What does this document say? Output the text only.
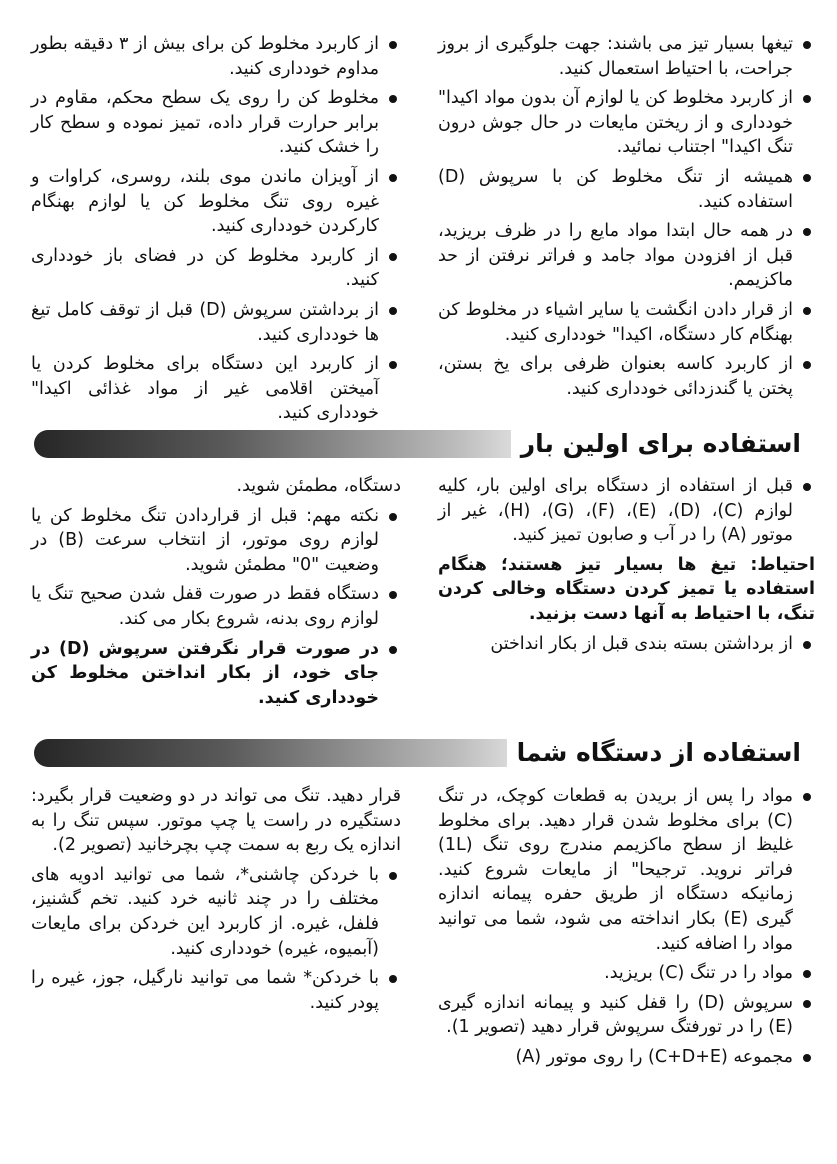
تیغها بسیار تیز می باشند: جهت جلوگیری از بروز جراحت، با احتیاط استعمال کنید.
از کاربرد مخلوط کن یا لوازم آن بدون مواد اکیدا" خودداری و از ریختن مایعات در حال جوش درون تنگ اکیدا" اجتناب نمائید.
همیشه از تنگ مخلوط کن با سرپوش (D) استفاده کنید.
در همه حال ابتدا مواد مایع را در ظرف بریزید، قبل از افزودن مواد جامد و فراتر نرفتن از حد ماکزیمم.
از قرار دادن انگشت یا سایر اشیاء در مخلوط کن بهنگام کار دستگاه، اکیدا" خودداری کنید.
از کاربرد کاسه بعنوان ظرفی برای یخ بستن، پختن یا گندزدائی خودداری کنید.
از کاربرد مخلوط کن برای بیش از ۳ دقیقه بطور مداوم خودداری کنید.
مخلوط کن را روی یک سطح محکم، مقاوم در برابر حرارت قرار داده، تمیز نموده و سطح کار را خشک کنید.
از آویزان ماندن موی بلند، روسری، کراوات و غیره روی تنگ مخلوط کن یا لوازم بهنگام کارکردن خودداری کنید.
از کاربرد مخلوط کن در فضای باز خودداری کنید.
از برداشتن سرپوش (D) قبل از توقف کامل تیغ ها خودداری کنید.
از کاربرد این دستگاه برای مخلوط کردن یا آمیختن اقلامی غیر از مواد غذائی اکیدا" خودداری کنید.
استفاده برای اولین بار
قبل از استفاده از دستگاه برای اولین بار، کلیه لوازم (C)، (D)، (E)، (F)، (G)، (H)، غیر از موتور (A) را در آب و صابون تمیز کنید.

احتیاط: تیغ ها بسیار تیز هستند؛ هنگام استفاده یا تمیز کردن دستگاه وخالی کردن تنگ، با احتیاط به آنها دست بزنید.

از برداشتن بسته بندی قبل از بکار انداختن

دستگاه، مطمئن شوید.

نکته مهم: قبل از قراردادن تنگ مخلوط کن یا لوازم روی موتور، از انتخاب سرعت (B) در وضعیت "0" مطمئن شوید.
دستگاه فقط در صورت قفل شدن صحیح تنگ یا لوازم روی بدنه، شروع بکار می کند.
در صورت قرار نگرفتن سرپوش (D) در جای خود، از بکار انداختن مخلوط کن خودداری کنید.
استفاده از دستگاه شما
مواد را پس از بریدن به قطعات کوچک، در تنگ (C) برای مخلوط شدن قرار دهید. برای مخلوط غلیظ از سطح ماکزیمم مندرج روی تنگ (1L) فراتر نروید. ترجیحا" از مایعات شروع کنید. زمانیکه دستگاه از طریق حفره پیمانه اندازه گیری (E) بکار انداخته می شود، شما می توانید مواد را اضافه کنید.
مواد را در تنگ (C) بریزید.
سرپوش (D) را قفل کنید و پیمانه اندازه گیری (E) را در تورفتگ سرپوش قرار دهید (تصویر 1).
مجموعه (C+D+E) را روی موتور (A)

قرار دهید. تنگ می تواند در دو وضعیت قرار بگیرد: دستگیره در راست یا چپ موتور. سپس تنگ را به اندازه یک ربع به سمت چپ بچرخانید (تصویر 2).

با خردکن چاشنی*، شما می توانید ادویه های مختلف را در چند ثانیه خرد کنید. تخم گشنیز، فلفل، غیره. از کاربرد این خردکن برای مایعات (آبمیوه، غیره) خودداری کنید.
با خردکن* شما می توانید نارگیل، جوز، غیره را پودر کنید.
